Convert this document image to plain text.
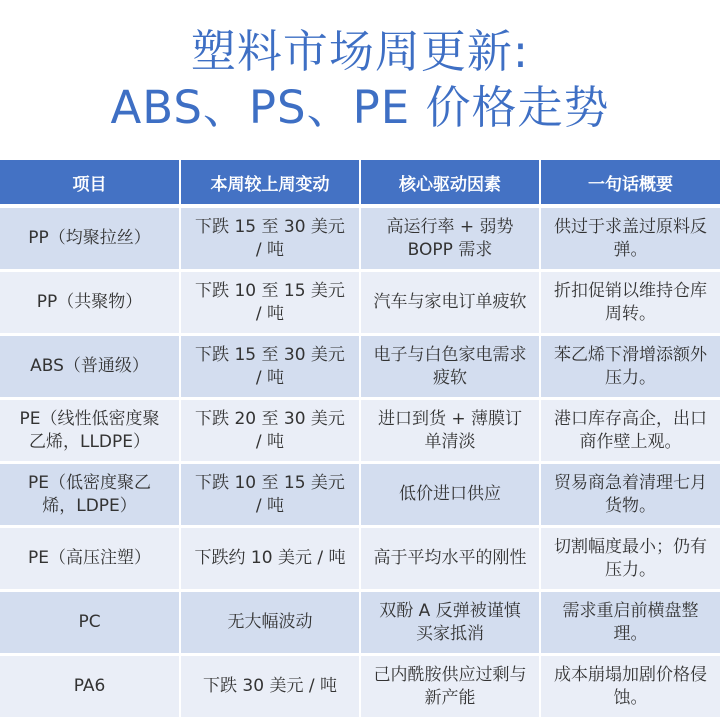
塑料市场周更新:
ABS、PS、PE 价格走势
项目	本周较上周变动	核心驱动因素	一句话概要
PP（均聚拉丝）	下跌 15 至 30 美元 / 吨	高运行率 + 弱势 BOPP 需求	供过于求盖过原料反弹。
PP（共聚物）	下跌 10 至 15 美元 / 吨	汽车与家电订单疲软	折扣促销以维持仓库周转。
ABS（普通级）	下跌 15 至 30 美元 / 吨	电子与白色家电需求疲软	苯乙烯下滑增添额外压力。
PE（线性低密度聚乙烯，LLDPE）	下跌 20 至 30 美元 / 吨	进口到货 + 薄膜订单清淡	港口库存高企，出口商作壁上观。
PE（低密度聚乙烯，LDPE）	下跌 10 至 15 美元 / 吨	低价进口供应	贸易商急着清理七月货物。
PE（高压注塑）	下跌约 10 美元 / 吨	高于平均水平的刚性	切割幅度最小；仍有压力。
PC	无大幅波动	双酚 A 反弹被谨慎买家抵消	需求重启前横盘整理。
PA6	下跌 30 美元 / 吨	己内酰胺供应过剩与新产能	成本崩塌加剧价格侵蚀。
